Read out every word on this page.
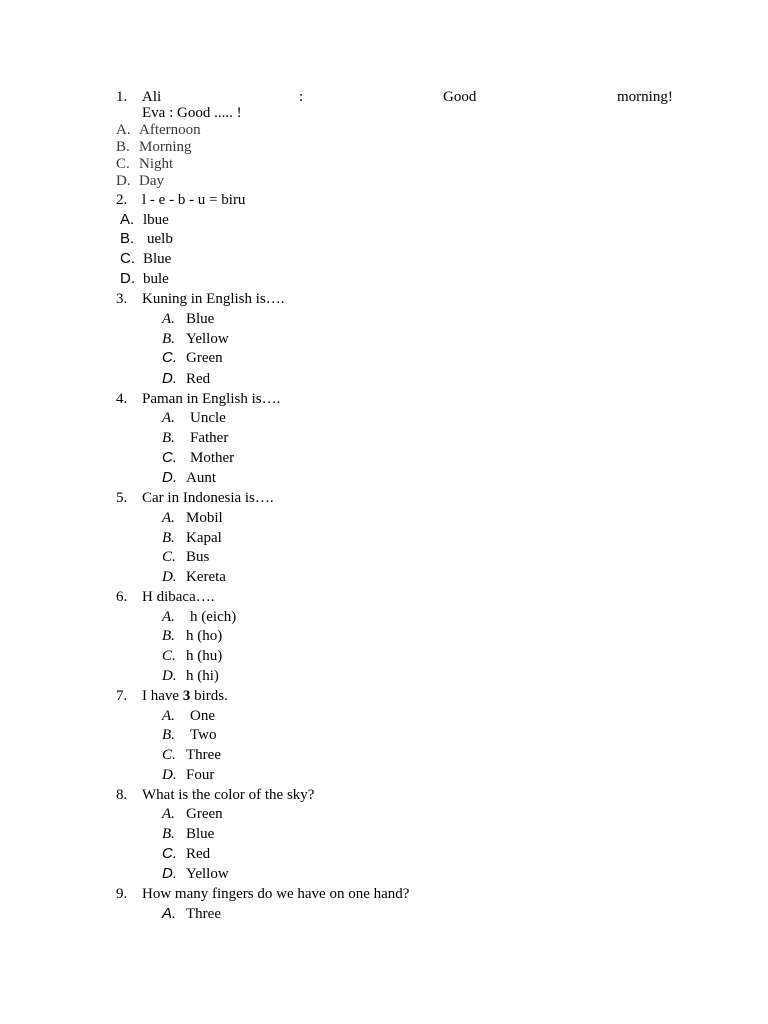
1. Ali	:	Good	morning!
Eva : Good ..... !
A. Afternoon
B. Morning
C. Night
D. Day
2. l - e - b - u = biru
A. lbue
B. uelb
C. Blue
D. bule
3. Kuning in English is….
A. Blue
B. Yellow
C. Green
D. Red
4. Paman in English is….
A. Uncle
B. Father
C. Mother
D. Aunt
5. Car in Indonesia is….
A. Mobil
B. Kapal
C. Bus
D. Kereta
6. H dibaca….
A. h (eich)
B. h (ho)
C. h (hu)
D. h (hi)
7. I have 3 birds.
A. One
B. Two
C. Three
D. Four
8. What is the color of the sky?
A. Green
B. Blue
C. Red
D. Yellow
9. How many fingers do we have on one hand?
A. Three
